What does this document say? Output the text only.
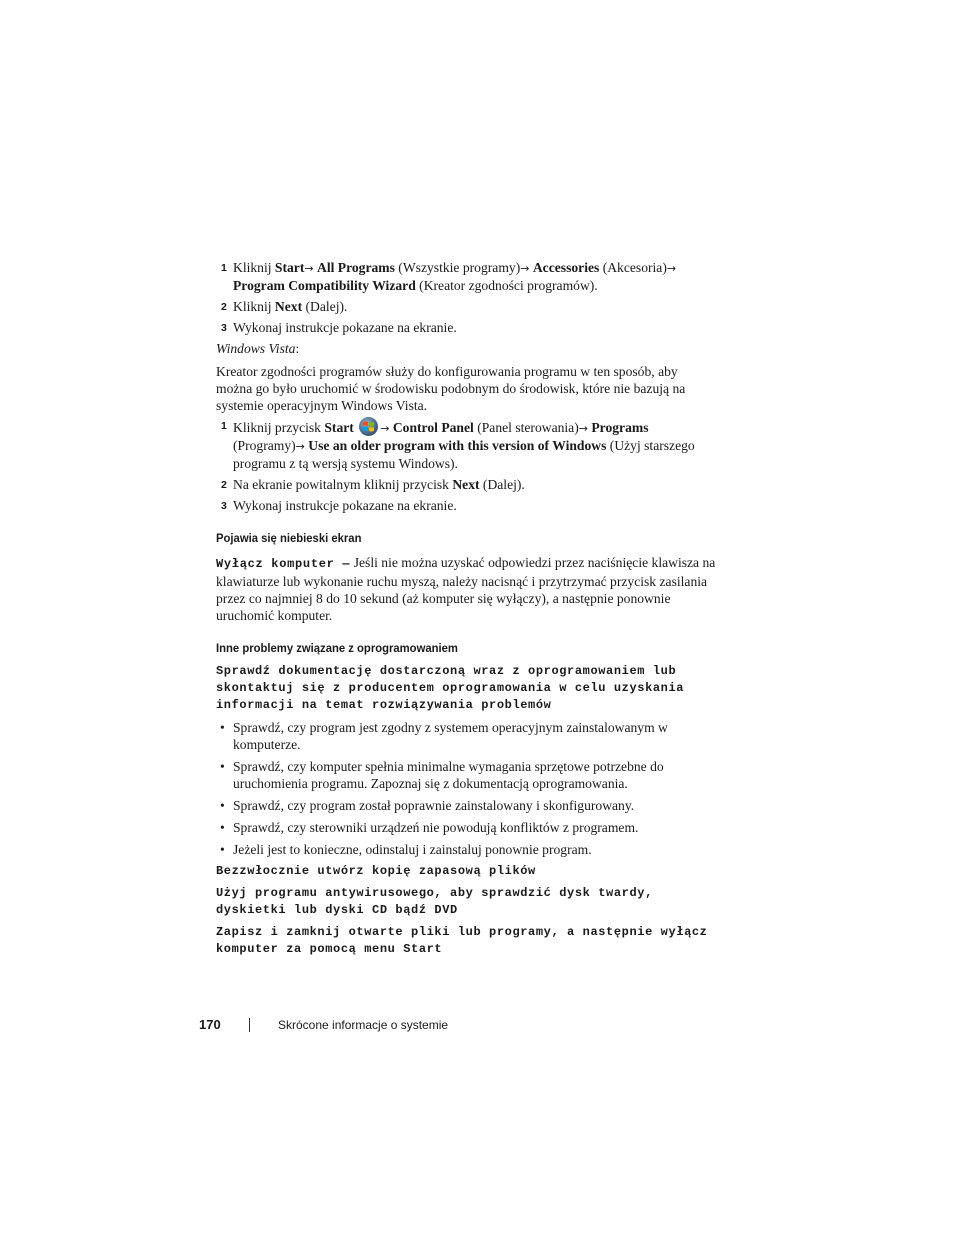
1 Kliknij Start→ All Programs (Wszystkie programy)→ Accessories (Akcesoria)→
Program Compatibility Wizard (Kreator zgodności programów).
2 Kliknij Next (Dalej).
3 Wykonaj instrukcje pokazane na ekranie.

Windows Vista:

Kreator zgodności programów służy do konfigurowania programu w ten sposób, aby można go było uruchomić w środowisku podobnym do środowisk, które nie bazują na systemie operacyjnym Windows Vista.

1 Kliknij przycisk Start → Control Panel (Panel sterowania)→ Programs
(Programy)→ Use an older program with this version of Windows (Użyj starszego programu z tą wersją systemu Windows).
2 Na ekranie powitalnym kliknij przycisk Next (Dalej).
3 Wykonaj instrukcje pokazane na ekranie.
Pojawia się niebieski ekran

Wyłącz komputer — Jeśli nie można uzyskać odpowiedzi przez naciśnięcie klawisza na klawiaturze lub wykonanie ruchu myszą, należy nacisnąć i przytrzymać przycisk zasilania przez co najmniej 8 do 10 sekund (aż komputer się wyłączy), a następnie ponownie uruchomić komputer.

Inne problemy związane z oprogramowaniem

Sprawdź dokumentację dostarczoną wraz z oprogramowaniem lub skontaktuj się z producentem oprogramowania w celu uzyskania informacji na temat rozwiązywania problemów

• Sprawdź, czy program jest zgodny z systemem operacyjnym zainstalowanym w komputerze.
• Sprawdź, czy komputer spełnia minimalne wymagania sprzętowe potrzebne do uruchomienia programu. Zapoznaj się z dokumentacją oprogramowania.
• Sprawdź, czy program został poprawnie zainstalowany i skonfigurowany.
• Sprawdź, czy sterowniki urządzeń nie powodują konfliktów z programem.
• Jeżeli jest to konieczne, odinstaluj i zainstaluj ponownie program.

Bezzwłocznie utwórz kopię zapasową plików

Użyj programu antywirusowego, aby sprawdzić dysk twardy, dyskietki lub dyski CD bądź DVD

Zapisz i zamknij otwarte pliki lub programy, a następnie wyłącz komputer za pomocą menu Start

170	Skrócone informacje o systemie
